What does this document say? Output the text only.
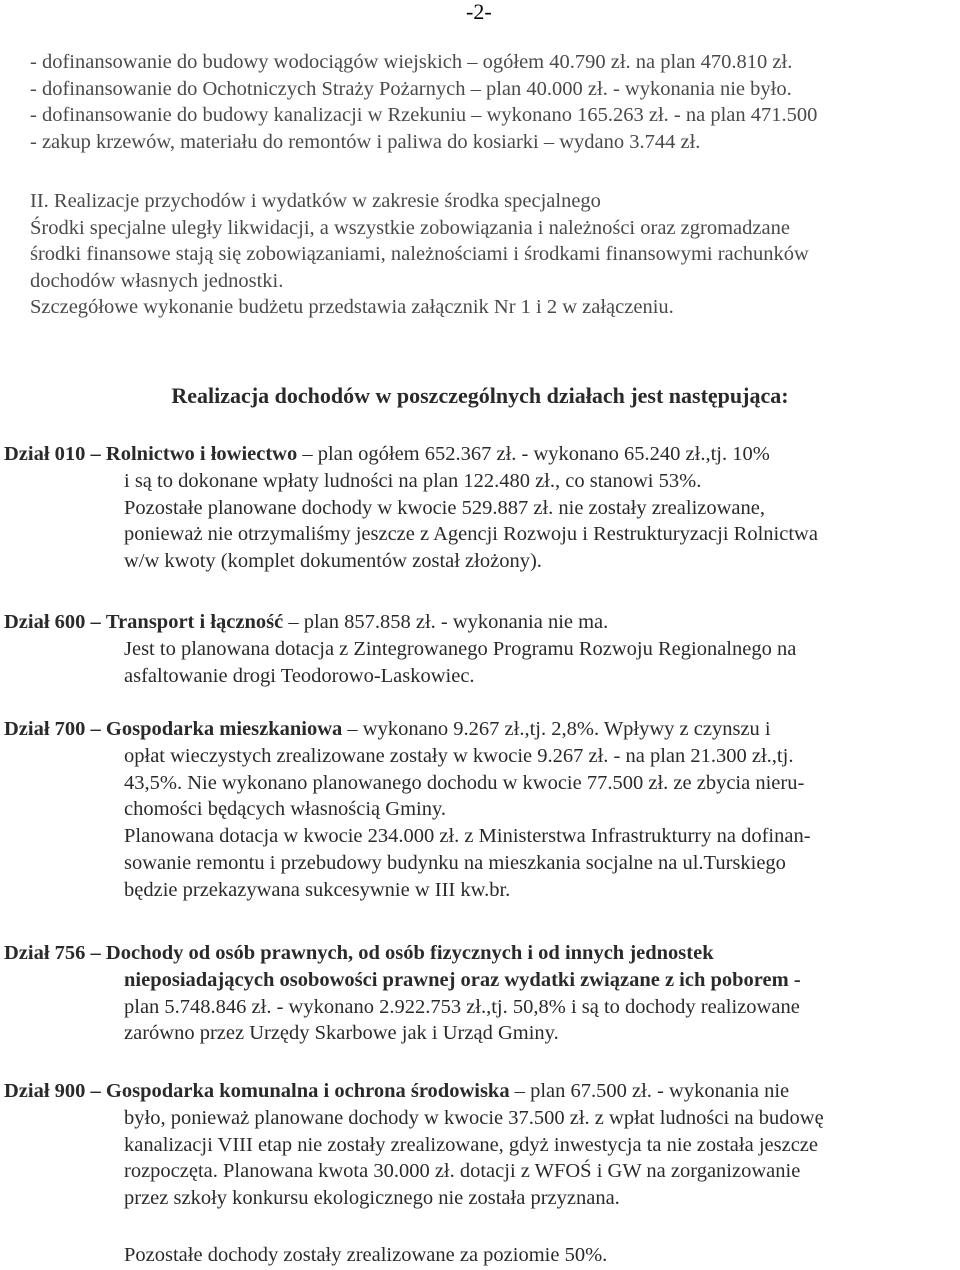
-2-
- dofinansowanie do budowy wodociągów wiejskich – ogółem 40.790 zł. na plan 470.810 zł.
- dofinansowanie do Ochotniczych Straży Pożarnych – plan 40.000 zł. - wykonania nie było.
- dofinansowanie do budowy kanalizacji w Rzekuniu – wykonano 165.263 zł. - na plan 471.500
- zakup krzewów, materiału do remontów i paliwa do kosiarki – wydano 3.744 zł.
II. Realizacje przychodów i wydatków w zakresie środka specjalnego
Środki specjalne uległy likwidacji, a wszystkie zobowiązania i należności oraz zgromadzane
środki finansowe stają się zobowiązaniami, należnościami i środkami finansowymi rachunków
dochodów własnych jednostki.
Szczegółowe wykonanie budżetu przedstawia załącznik Nr 1 i 2 w załączeniu.
Realizacja dochodów w poszczególnych działach jest następująca:
Dział 010 – Rolnictwo i łowiectwo – plan ogółem 652.367 zł. - wykonano 65.240 zł.,tj. 10%
i są to dokonane wpłaty ludności na plan 122.480 zł., co stanowi 53%.
Pozostałe planowane dochody w kwocie 529.887 zł. nie zostały zrealizowane,
ponieważ nie otrzymaliśmy jeszcze z Agencji Rozwoju i Restrukturyzacji Rolnictwa
w/w kwoty (komplet dokumentów został złożony).
Dział 600 – Transport i łączność – plan 857.858 zł. - wykonania nie ma.
Jest to planowana dotacja z Zintegrowanego Programu Rozwoju Regionalnego na
asfaltowanie drogi Teodorowo-Laskowiec.
Dział 700 – Gospodarka mieszkaniowa – wykonano 9.267 zł.,tj. 2,8%. Wpływy z czynszu i
opłat wieczystych zrealizowane zostały w kwocie 9.267 zł. - na plan 21.300 zł.,tj.
43,5%. Nie wykonano planowanego dochodu w kwocie 77.500 zł. ze zbycia nieru-
chomości będących własnością Gminy.
Planowana dotacja w kwocie 234.000 zł. z Ministerstwa Infrastrukturry na dofinan-
sowanie remontu i przebudowy budynku na mieszkania socjalne na ul.Turskiego
będzie przekazywana sukcesywnie w III kw.br.
Dział 756 – Dochody od osób prawnych, od osób fizycznych i od innych jednostek
nieposiadających osobowości prawnej oraz wydatki związane z ich poborem -
plan 5.748.846 zł. - wykonano 2.922.753 zł.,tj. 50,8% i są to dochody realizowane
zarówno przez Urzędy Skarbowe jak i Urząd Gminy.
Dział 900 – Gospodarka komunalna i ochrona środowiska – plan 67.500 zł. - wykonania nie
było, ponieważ planowane dochody w kwocie 37.500 zł. z wpłat ludności na budowę
kanalizacji VIII etap nie zostały zrealizowane, gdyż inwestycja ta nie została jeszcze
rozpoczęta. Planowana kwota 30.000 zł. dotacji z WFOŚ i GW na zorganizowanie
przez szkoły konkursu ekologicznego nie została przyznana.
Pozostałe dochody zostały zrealizowane za poziomie 50%.
